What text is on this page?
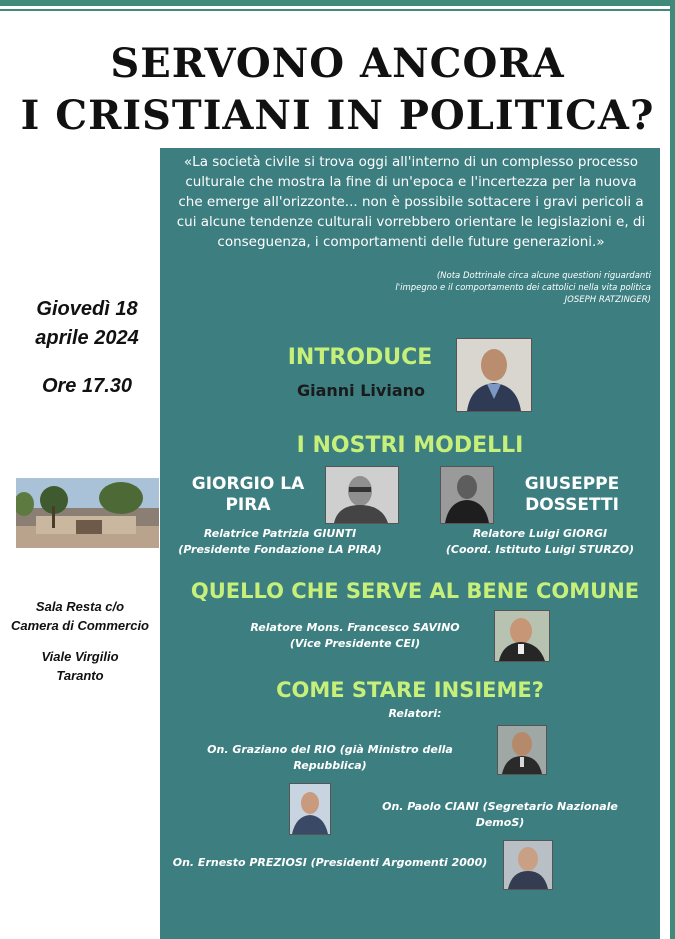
SERVONO ANCORA
I CRISTIANI IN POLITICA?
«La società civile si trova oggi all'interno di un complesso processo culturale che mostra la fine di un'epoca e l'incertezza per la nuova che emerge all'orizzonte... non è possibile sottacere i gravi pericoli a cui alcune tendenze culturali vorrebbero orientare le legislazioni e, di conseguenza, i comportamenti delle future generazioni.»
(Nota Dottrinale circa alcune questioni riguardanti
l'impegno e il comportamento dei cattolici nella vita politica
JOSEPH RATZINGER)
Giovedì 18
aprile 2024
Ore 17.30
Sala Resta c/o
Camera di Commercio
Viale Virgilio
Taranto
INTRODUCE
Gianni Liviano
I NOSTRI MODELLI
GIORGIO LA
PIRA
Relatrice Patrizia GIUNTI
(Presidente Fondazione LA PIRA)
GIUSEPPE
DOSSETTI
Relatore Luigi GIORGI
(Coord. Istituto Luigi STURZO)
QUELLO CHE SERVE AL BENE COMUNE
Relatore Mons. Francesco SAVINO
(Vice Presidente CEI)
COME STARE INSIEME?
Relatori:
On. Graziano del RIO (già Ministro della Repubblica)
On. Paolo CIANI (Segretario Nazionale DemoS)
On. Ernesto PREZIOSI (Presidenti Argomenti 2000)
